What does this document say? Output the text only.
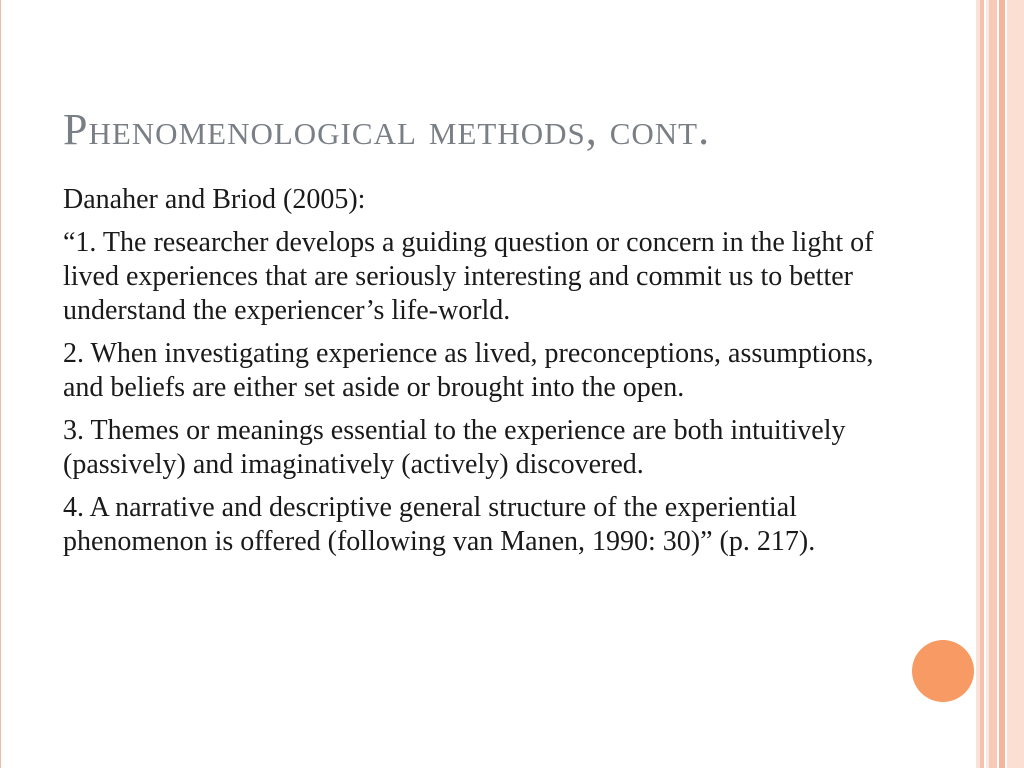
Phenomenological methods, cont.

Danaher and Briod (2005):

“1. The researcher develops a guiding question or concern in the light of lived experiences that are seriously interesting and commit us to better understand the experiencer’s life-world.

2. When investigating experience as lived, preconceptions, assumptions, and beliefs are either set aside or brought into the open.

3. Themes or meanings essential to the experience are both intuitively (passively) and imaginatively (actively) discovered.

4. A narrative and descriptive general structure of the experiential phenomenon is offered (following van Manen, 1990: 30)” (p. 217).
